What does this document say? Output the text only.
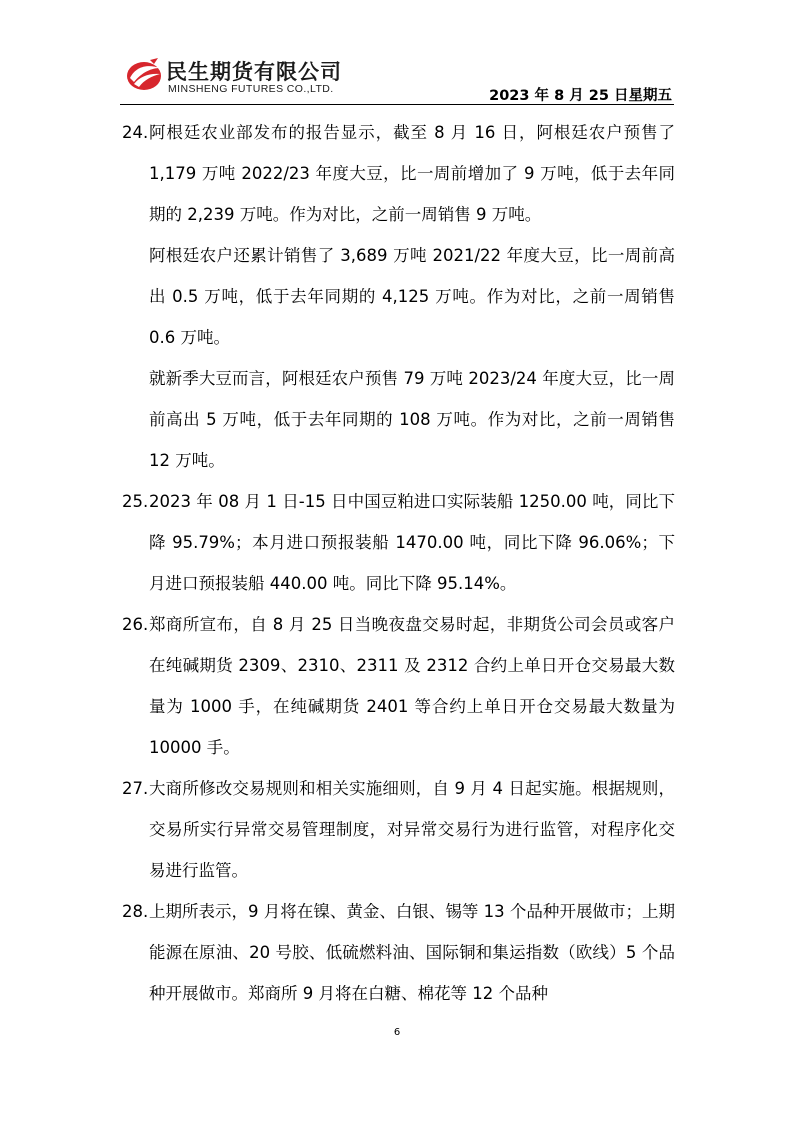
民生期货有限公司
MINSHENG FUTURES CO.,LTD.	2023 年 8 月 25 日星期五
24. 阿根廷农业部发布的报告显示，截至 8 月 16 日，阿根廷农户预售了 1,179 万吨 2022/23 年度大豆，比一周前增加了 9 万吨，低于去年同期的 2,239 万吨。作为对比，之前一周销售 9 万吨。

阿根廷农户还累计销售了 3,689 万吨 2021/22 年度大豆，比一周前高出 0.5 万吨，低于去年同期的 4,125 万吨。作为对比，之前一周销售 0.6 万吨。

就新季大豆而言，阿根廷农户预售 79 万吨 2023/24 年度大豆，比一周前高出 5 万吨，低于去年同期的 108 万吨。作为对比，之前一周销售 12 万吨。

25. 2023 年 08 月 1 日-15 日中国豆粕进口实际装船 1250.00 吨，同比下降 95.79%；本月进口预报装船 1470.00 吨，同比下降 96.06%；下月进口预报装船 440.00 吨。同比下降 95.14%。

26. 郑商所宣布，自 8 月 25 日当晚夜盘交易时起，非期货公司会员或客户在纯碱期货 2309、2310、2311 及 2312 合约上单日开仓交易最大数量为 1000 手，在纯碱期货 2401 等合约上单日开仓交易最大数量为 10000 手。

27. 大商所修改交易规则和相关实施细则，自 9 月 4 日起实施。根据规则，交易所实行异常交易管理制度，对异常交易行为进行监管，对程序化交易进行监管。

28. 上期所表示，9 月将在镍、黄金、白银、锡等 13 个品种开展做市；上期能源在原油、20 号胶、低硫燃料油、国际铜和集运指数（欧线）5 个品种开展做市。郑商所 9 月将在白糖、棉花等 12 个品种

6
